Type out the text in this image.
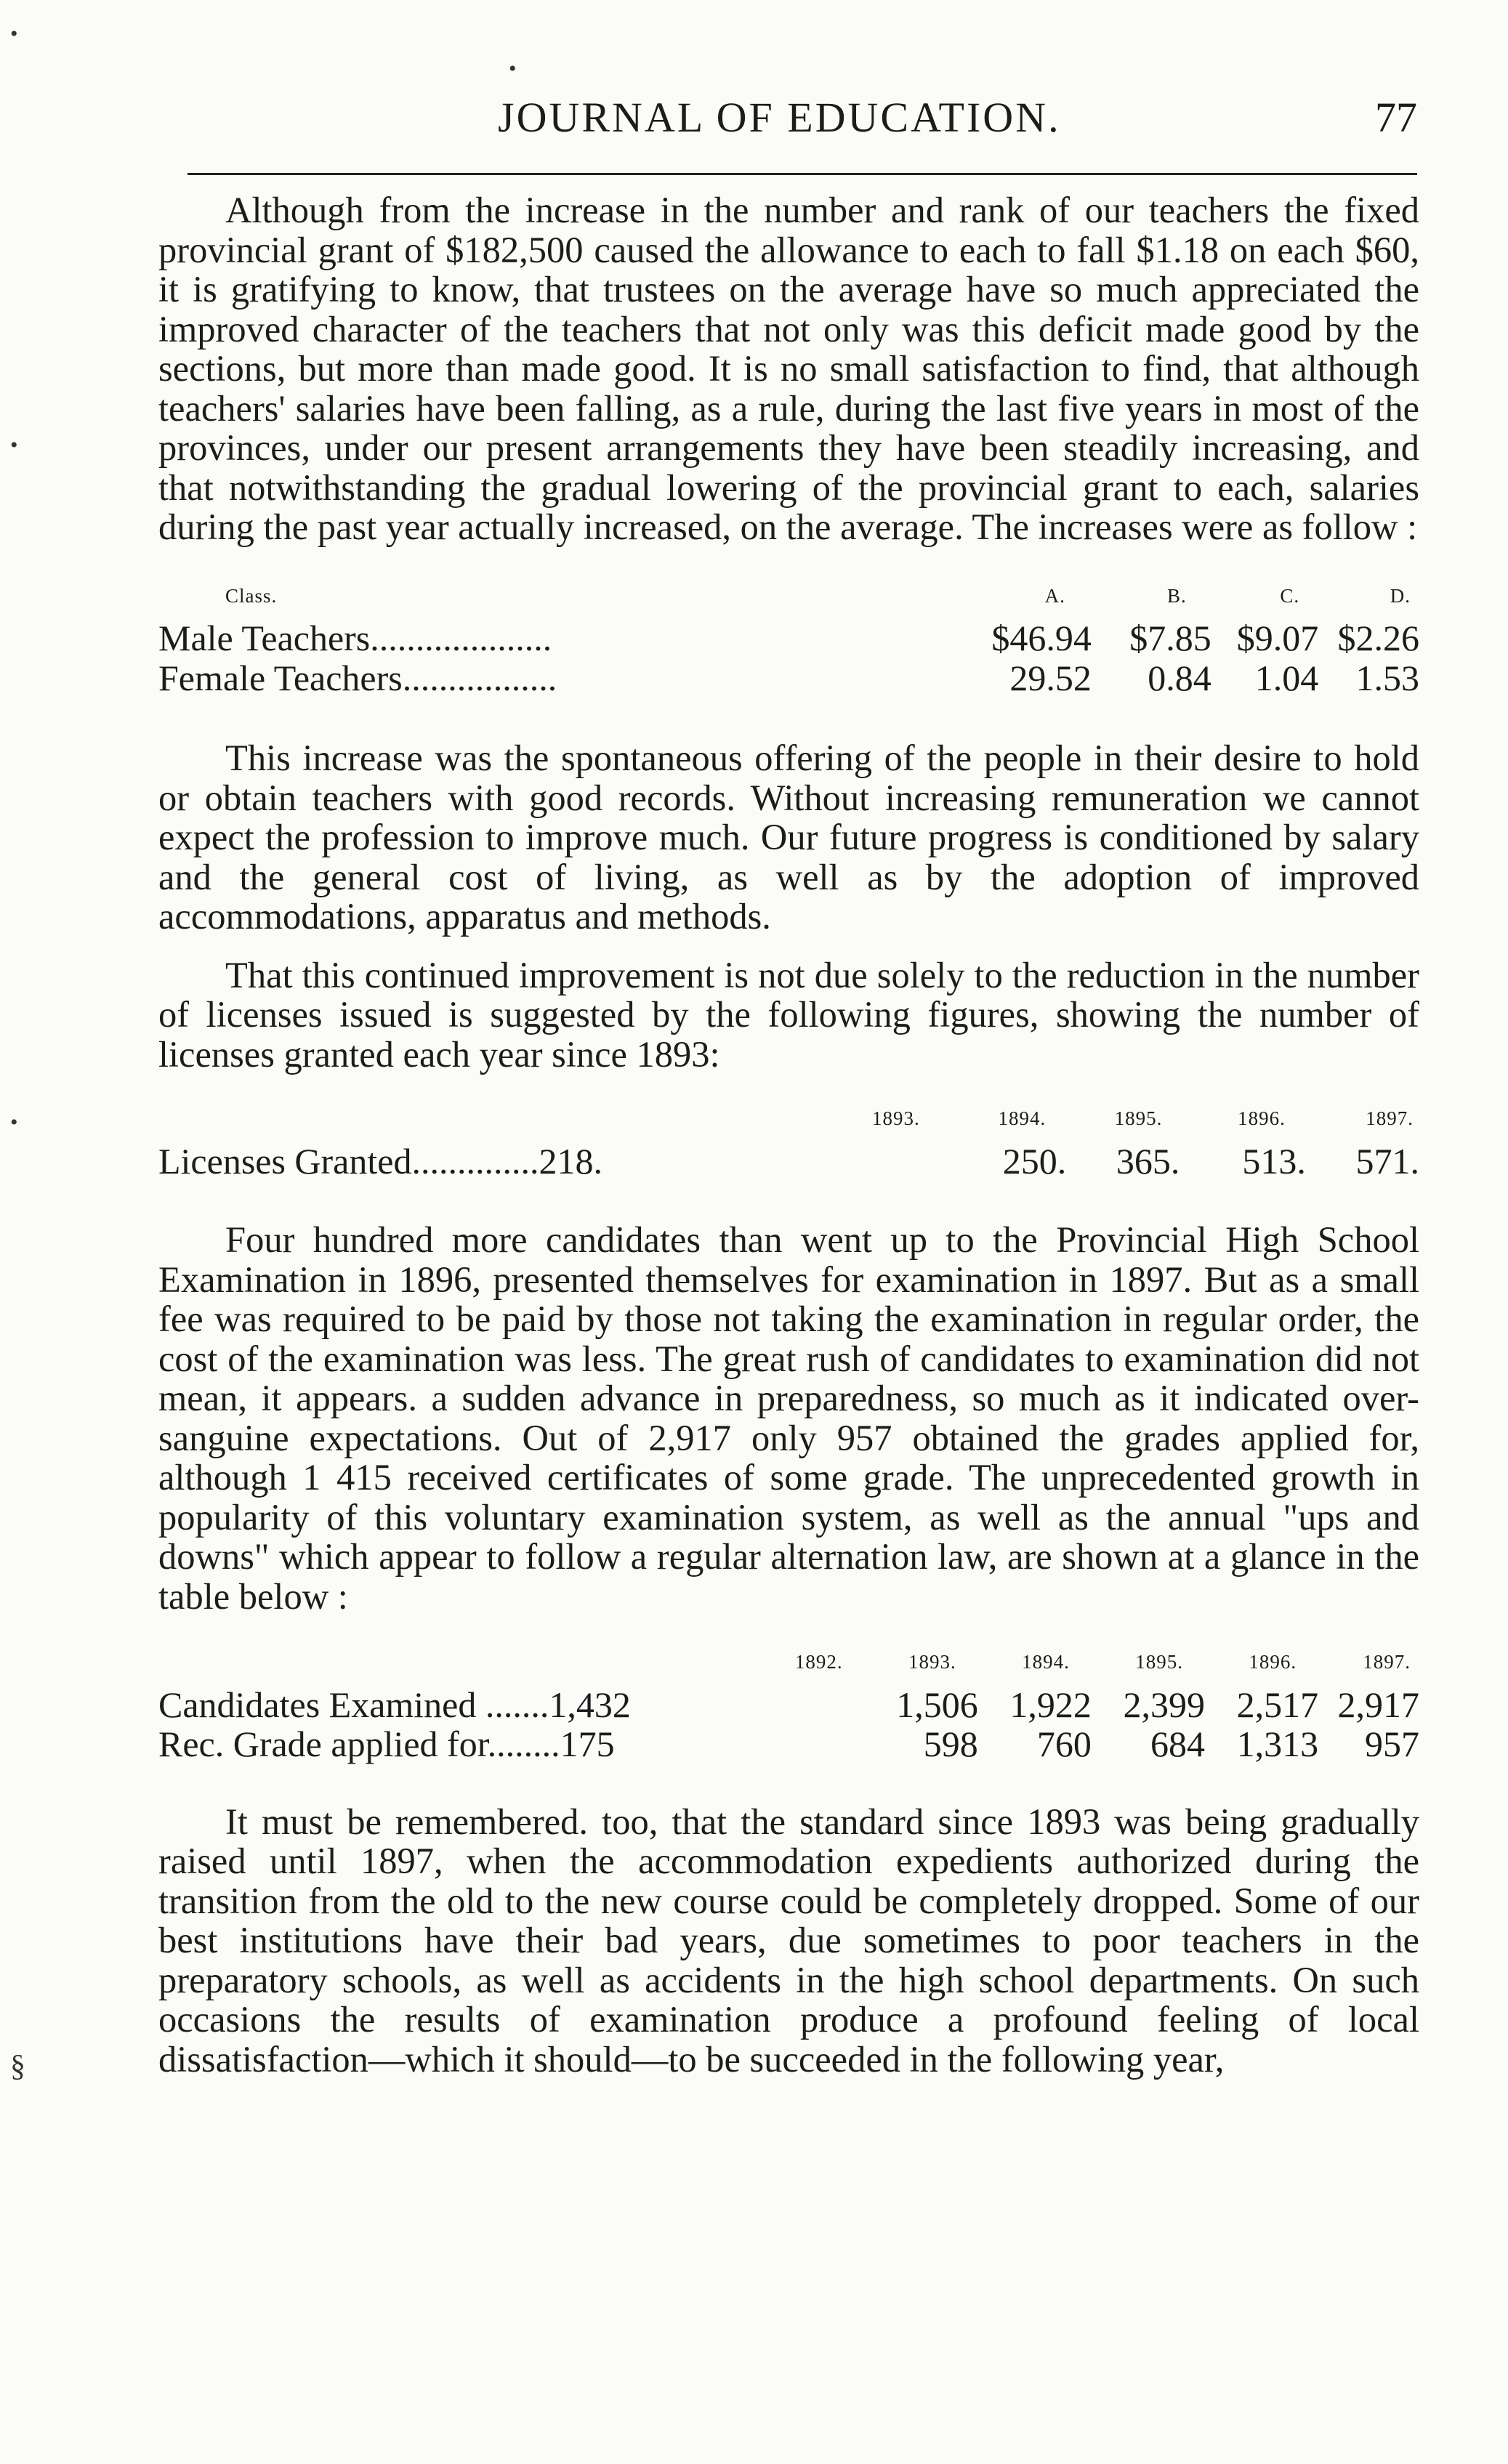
•
•
•
•
§
JOURNAL OF EDUCATION.	77

Although from the increase in the number and rank of our teachers the fixed provincial grant of $182,500 caused the allowance to each to fall $1.18 on each $60, it is gratifying to know, that trustees on the average have so much appreciated the improved character of the teachers that not only was this deficit made good by the sections, but more than made good. It is no small satisfaction to find, that although teachers' salaries have been falling, as a rule, during the last five years in most of the provinces, under our present arrangements they have been steadily increasing, and that notwithstanding the gradual lowering of the provincial grant to each, salaries during the past year actually increased, on the average. The increases were as follow :

Class.	A.	B.	C.	D.
Male Teachers....................	$46.94	$7.85	$9.07	$2.26
Female Teachers.................	29.52	0.84	1.04	1.53

This increase was the spontaneous offering of the people in their desire to hold or obtain teachers with good records. Without increasing remuneration we cannot expect the profession to improve much. Our future progress is conditioned by salary and the general cost of living, as well as by the adoption of improved accommodations, apparatus and methods.

That this continued improvement is not due solely to the reduction in the number of licenses issued is suggested by the following figures, showing the number of licenses granted each year since 1893:

	1893.	1894.	1895.	1896.	1897.
Licenses Granted..............218.		250.	365.	513.	571.

Four hundred more candidates than went up to the Provincial High School Examination in 1896, presented themselves for examination in 1897. But as a small fee was required to be paid by those not taking the examination in regular order, the cost of the examination was less. The great rush of candidates to examination did not mean, it appears. a sudden advance in preparedness, so much as it indicated over-sanguine expectations. Out of 2,917 only 957 obtained the grades applied for, although 1 415 received certificates of some grade. The unprecedented growth in popularity of this voluntary examination system, as well as the annual "ups and downs" which appear to follow a regular alternation law, are shown at a glance in the table below :

	1892.	1893.	1894.	1895.	1896.	1897.
Candidates Examined .......1,432		1,506	1,922	2,399	2,517	2,917
Rec. Grade applied for........175		598	760	684	1,313	957

It must be remembered. too, that the standard since 1893 was being gradually raised until 1897, when the accommodation expedients authorized during the transition from the old to the new course could be completely dropped. Some of our best institutions have their bad years, due sometimes to poor teachers in the preparatory schools, as well as accidents in the high school departments. On such occasions the results of examination produce a profound feeling of local dissatisfaction—which it should—to be succeeded in the following year,
